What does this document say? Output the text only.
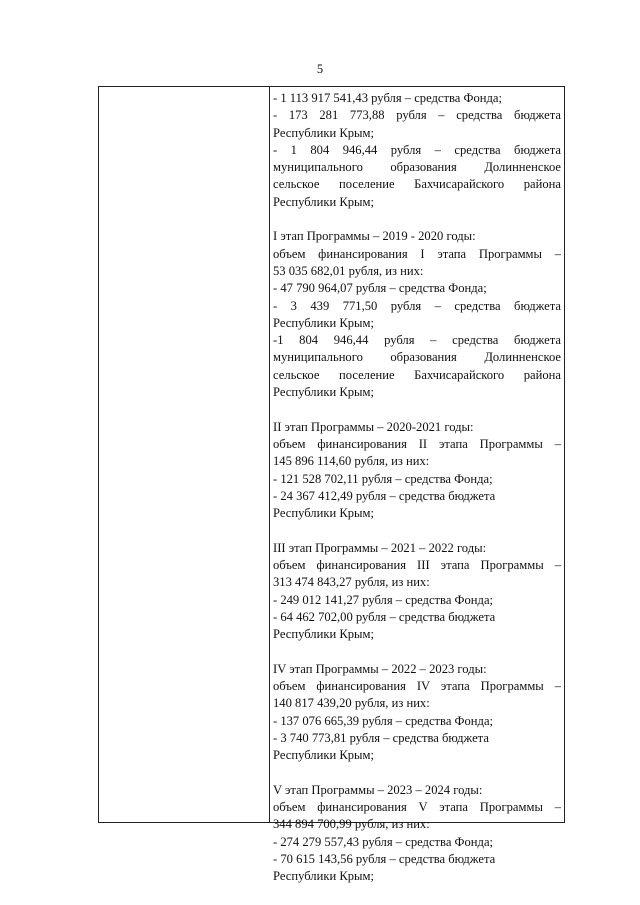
5
- 1 113 917 541,43 рубля – средства Фонда;
- 173 281 773,88 рубля – средства бюджета
Республики Крым;
- 1 804 946,44 рубля – средства бюджета
муниципального образования Долинненское
сельское поселение Бахчисарайского района
Республики Крым;
I этап Программы – 2019 - 2020 годы:
объем финансирования I этапа Программы –
53 035 682,01 рубля, из них:
- 47 790 964,07 рубля – средства Фонда;
- 3 439 771,50 рубля – средства бюджета
Республики Крым;
-1 804 946,44 рубля – средства бюджета
муниципального образования Долинненское
сельское поселение Бахчисарайского района
Республики Крым;
II этап Программы – 2020-2021 годы:
объем финансирования II этапа Программы –
145 896 114,60 рубля, из них:
- 121 528 702,11 рубля – средства Фонда;
- 24 367 412,49 рубля – средства бюджета
Республики Крым;
III этап Программы – 2021 – 2022 годы:
объем финансирования III этапа Программы –
313 474 843,27 рубля, из них:
- 249 012 141,27 рубля – средства Фонда;
- 64 462 702,00 рубля – средства бюджета
Республики Крым;
IV этап Программы – 2022 – 2023 годы:
объем финансирования IV этапа Программы –
140 817 439,20 рубля, из них:
- 137 076 665,39 рубля – средства Фонда;
- 3 740 773,81 рубля – средства бюджета
Республики Крым;
V этап Программы – 2023 – 2024 годы:
объем финансирования V этапа Программы –
344 894 700,99 рубля, из них:
- 274 279 557,43 рубля – средства Фонда;
- 70 615 143,56 рубля – средства бюджета
Республики Крым;
